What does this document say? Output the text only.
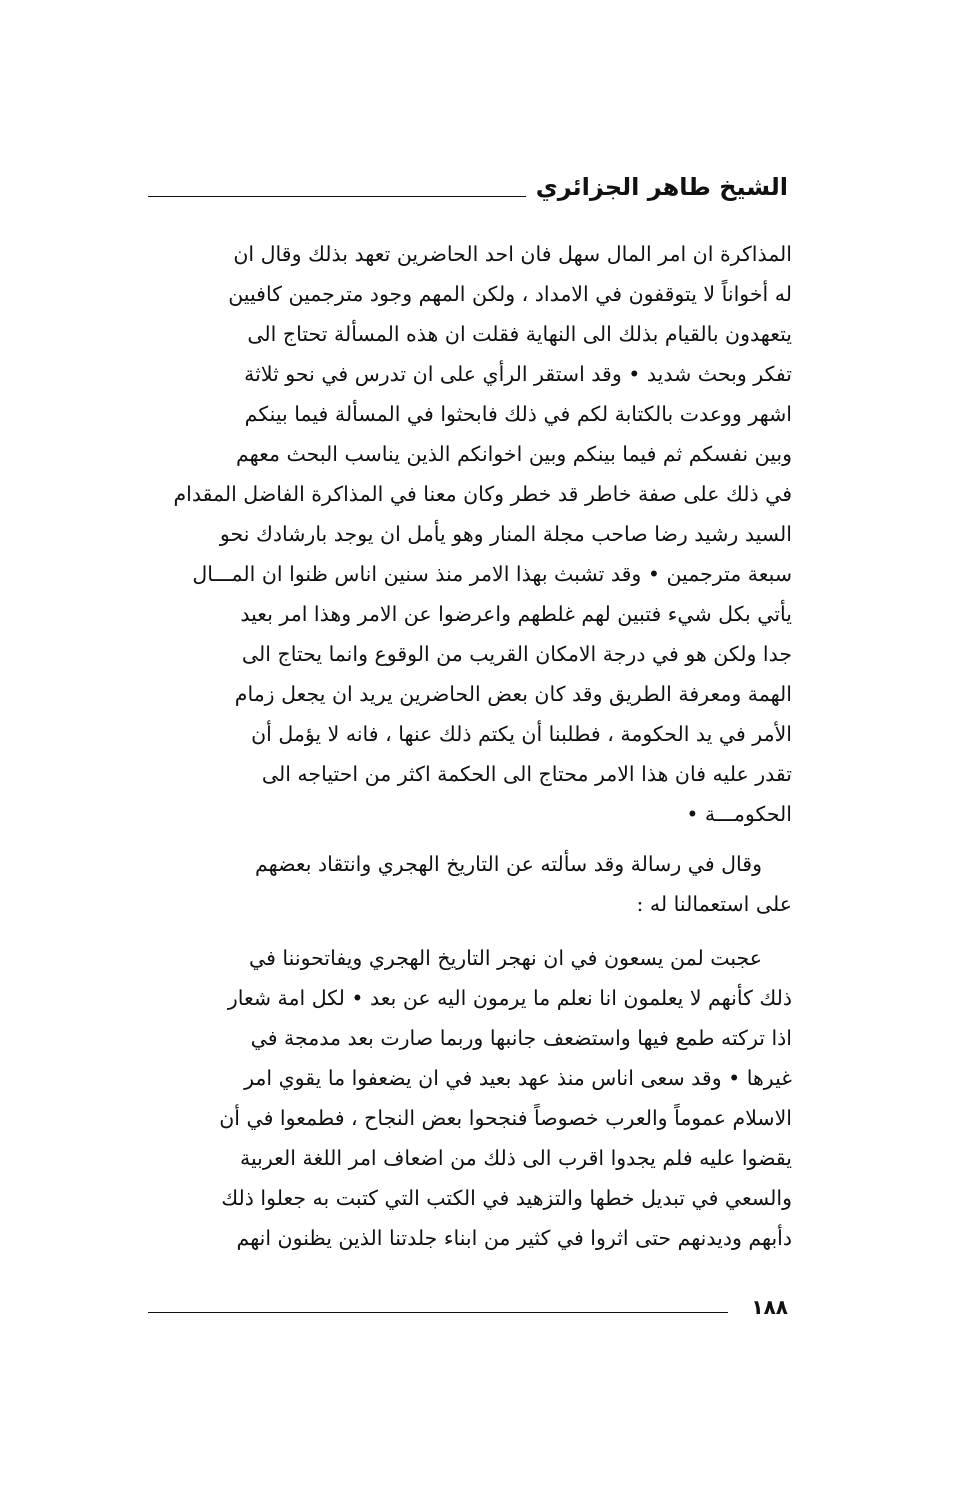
الشيخ طاهر الجزائري
المذاكرة ان امر المال سهل فان احد الحاضرين تعهد بذلك وقال ان
له أخواناً لا يتوقفون في الامداد ، ولكن المهم وجود مترجمين كافيين
يتعهدون بالقيام بذلك الى النهاية فقلت ان هذه المسألة تحتاج الى
تفكر وبحث شديد • وقد استقر الرأي على ان تدرس في نحو ثلاثة
اشهر ووعدت بالكتابة لكم في ذلك فابحثوا في المسألة فيما بينكم
وبين نفسكم ثم فيما بينكم وبين اخوانكم الذين يناسب البحث معهم
في ذلك على صفة خاطر قد خطر وكان معنا في المذاكرة الفاضل المقدام
السيد رشيد رضا صاحب مجلة المنار وهو يأمل ان يوجد بارشادك نحو
سبعة مترجمين • وقد تشبث بهذا الامر منذ سنين اناس ظنوا ان المـــال
يأتي بكل شيء فتبين لهم غلطهم واعرضوا عن الامر وهذا امر بعيد
جدا ولكن هو في درجة الامكان القريب من الوقوع وانما يحتاج الى
الهمة ومعرفة الطريق وقد كان بعض الحاضرين يريد ان يجعل زمام
الأمر في يد الحكومة ، فطلبنا أن يكتم ذلك عنها ، فانه لا يؤمل أن
تقدر عليه فان هذا الامر محتاج الى الحكمة اكثر من احتياجه الى
الحكومـــة •
وقال في رسالة وقد سألته عن التاريخ الهجري وانتقاد بعضهم
على استعمالنا له :
عجبت لمن يسعون في ان نهجر التاريخ الهجري ويفاتحوننا في
ذلك كأنهم لا يعلمون انا نعلم ما يرمون اليه عن بعد • لكل امة شعار
اذا تركته طمع فيها واستضعف جانبها وربما صارت بعد مدمجة في
غيرها • وقد سعى اناس منذ عهد بعيد في ان يضعفوا ما يقوي امر
الاسلام عموماً والعرب خصوصاً فنجحوا بعض النجاح ، فطمعوا في أن
يقضوا عليه فلم يجدوا اقرب الى ذلك من اضعاف امر اللغة العربية
والسعي في تبديل خطها والتزهيد في الكتب التي كتبت به جعلوا ذلك
دأبهم وديدنهم حتى اثروا في كثير من ابناء جلدتنا الذين يظنون انهم
١٨٨
